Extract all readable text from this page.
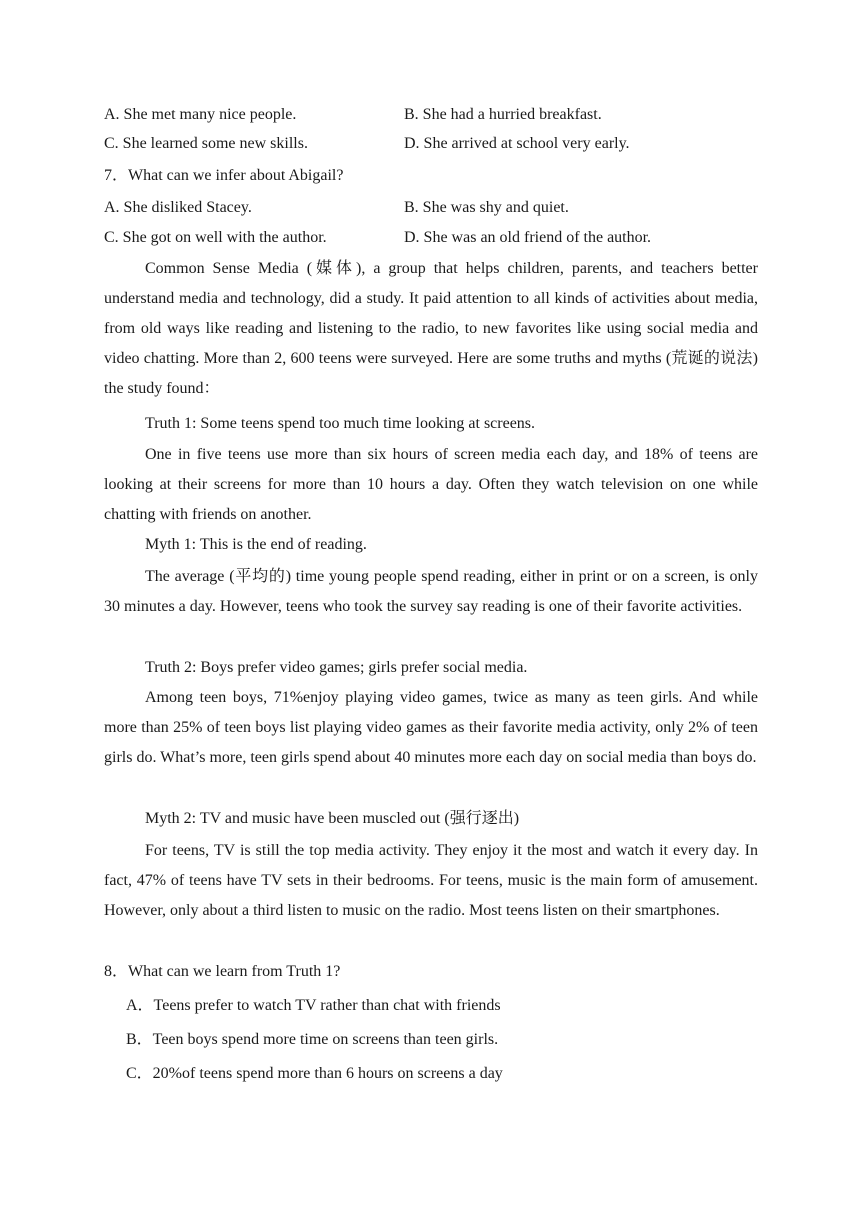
A. She met many nice people.	B. She had a hurried breakfast.
C. She learned some new skills.	D. She arrived at school very early.
7．What can we infer about Abigail?
A. She disliked Stacey.	B. She was shy and quiet.
C. She got on well with the author.	D. She was an old friend of the author.
Common Sense Media (媒体), a group that helps children, parents, and teachers better understand media and technology, did a study. It paid attention to all kinds of activities about media, from old ways like reading and listening to the radio, to new favorites like using social media and video chatting. More than 2, 600 teens were surveyed. Here are some truths and myths (荒诞的说法) the study found：
Truth 1: Some teens spend too much time looking at screens.
One in five teens use more than six hours of screen media each day, and 18% of teens are looking at their screens for more than 10 hours a day. Often they watch television on one while chatting with friends on another.
Myth 1: This is the end of reading.
The average (平均的) time young people spend reading, either in print or on a screen, is only 30 minutes a day. However, teens who took the survey say reading is one of their favorite activities.
Truth 2: Boys prefer video games; girls prefer social media.
Among teen boys, 71%enjoy playing video games, twice as many as teen girls. And while more than 25% of teen boys list playing video games as their favorite media activity, only 2% of teen girls do. What’s more, teen girls spend about 40 minutes more each day on social media than boys do.
Myth 2: TV and music have been muscled out (强行逐出)
For teens, TV is still the top media activity. They enjoy it the most and watch it every day. In fact, 47% of teens have TV sets in their bedrooms. For teens, music is the main form of amusement. However, only about a third listen to music on the radio. Most teens listen on their smartphones.
8．What can we learn from Truth 1?
A．Teens prefer to watch TV rather than chat with friends
B．Teen boys spend more time on screens than teen girls.
C．20%of teens spend more than 6 hours on screens a day
